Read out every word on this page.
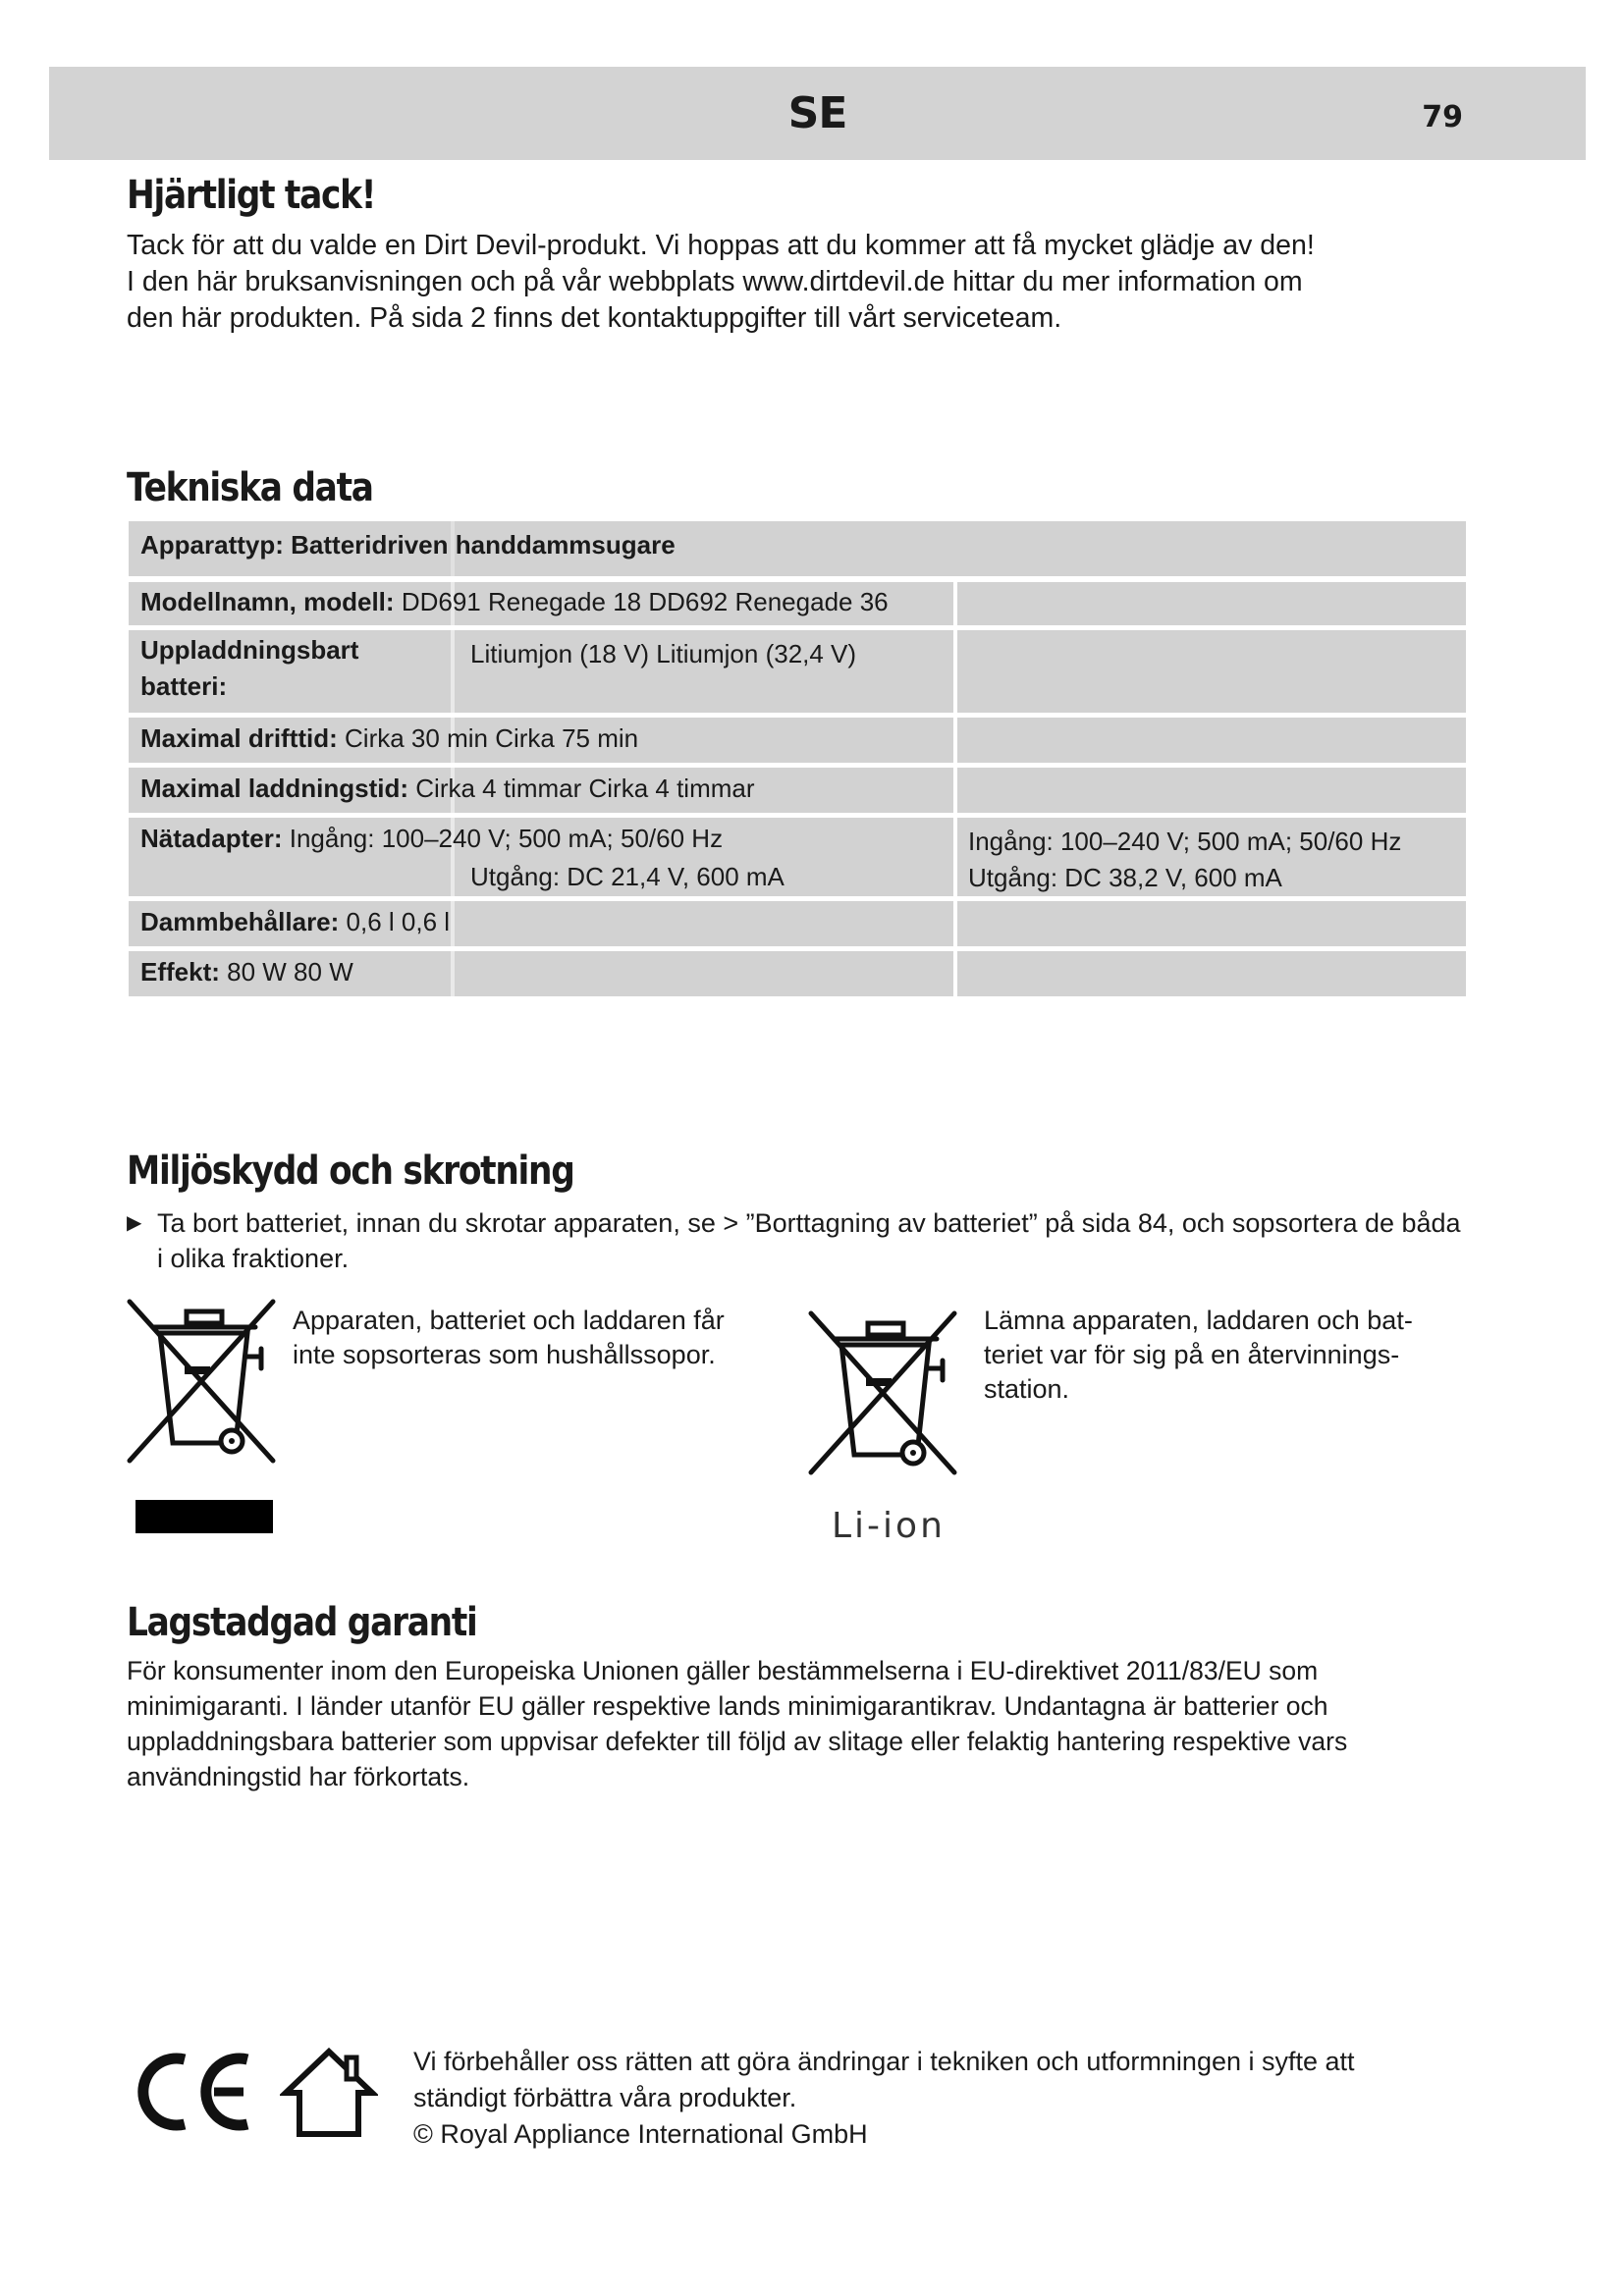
SE	79
Hjärtligt tack!
Tack för att du valde en Dirt Devil-produkt. Vi hoppas att du kommer att få mycket glädje av den!
I den här bruksanvisningen och på vår webbplats www.dirtdevil.de hittar du mer information om
den här produkten. På sida 2 finns det kontaktuppgifter till vårt serviceteam.
Tekniska data
Apparattyp: Batteridriven handdammsugare
Modellnamn, modell: DD691 Renegade 18 DD692 Renegade 36
Uppladdningsbart
batteri:
Litiumjon (18 V) Litiumjon (32,4 V)
Maximal drifttid: Cirka 30 min Cirka 75 min
Maximal laddningstid: Cirka 4 timmar Cirka 4 timmar
Nätadapter: Ingång: 100–240 V; 500 mA; 50/60 Hz
Utgång: DC 21,4 V, 600 mA
Ingång: 100–240 V; 500 mA; 50/60 Hz
Utgång: DC 38,2 V, 600 mA
Dammbehållare: 0,6 l 0,6 l
Effekt: 80 W 80 W
Miljöskydd och skrotning
▶ Ta bort batteriet, innan du skrotar apparaten, se > ”Borttagning av batteriet” på sida 84, och sopsortera de båda i olika fraktioner.
Apparaten, batteriet och laddaren får
inte sopsorteras som hushållssopor.
Lämna apparaten, laddaren och bat-
teriet var för sig på en återvinnings-
station.
Li-ion
Lagstadgad garanti
För konsumenter inom den Europeiska Unionen gäller bestämmelserna i EU-direktivet 2011/83/EU som
minimigaranti. I länder utanför EU gäller respektive lands minimigarantikrav. Undantagna är batterier och
uppladdningsbara batterier som uppvisar defekter till följd av slitage eller felaktig hantering respektive vars
användningstid har förkortats.
Vi förbehåller oss rätten att göra ändringar i tekniken och utformningen i syfte att
ständigt förbättra våra produkter.
© Royal Appliance International GmbH
